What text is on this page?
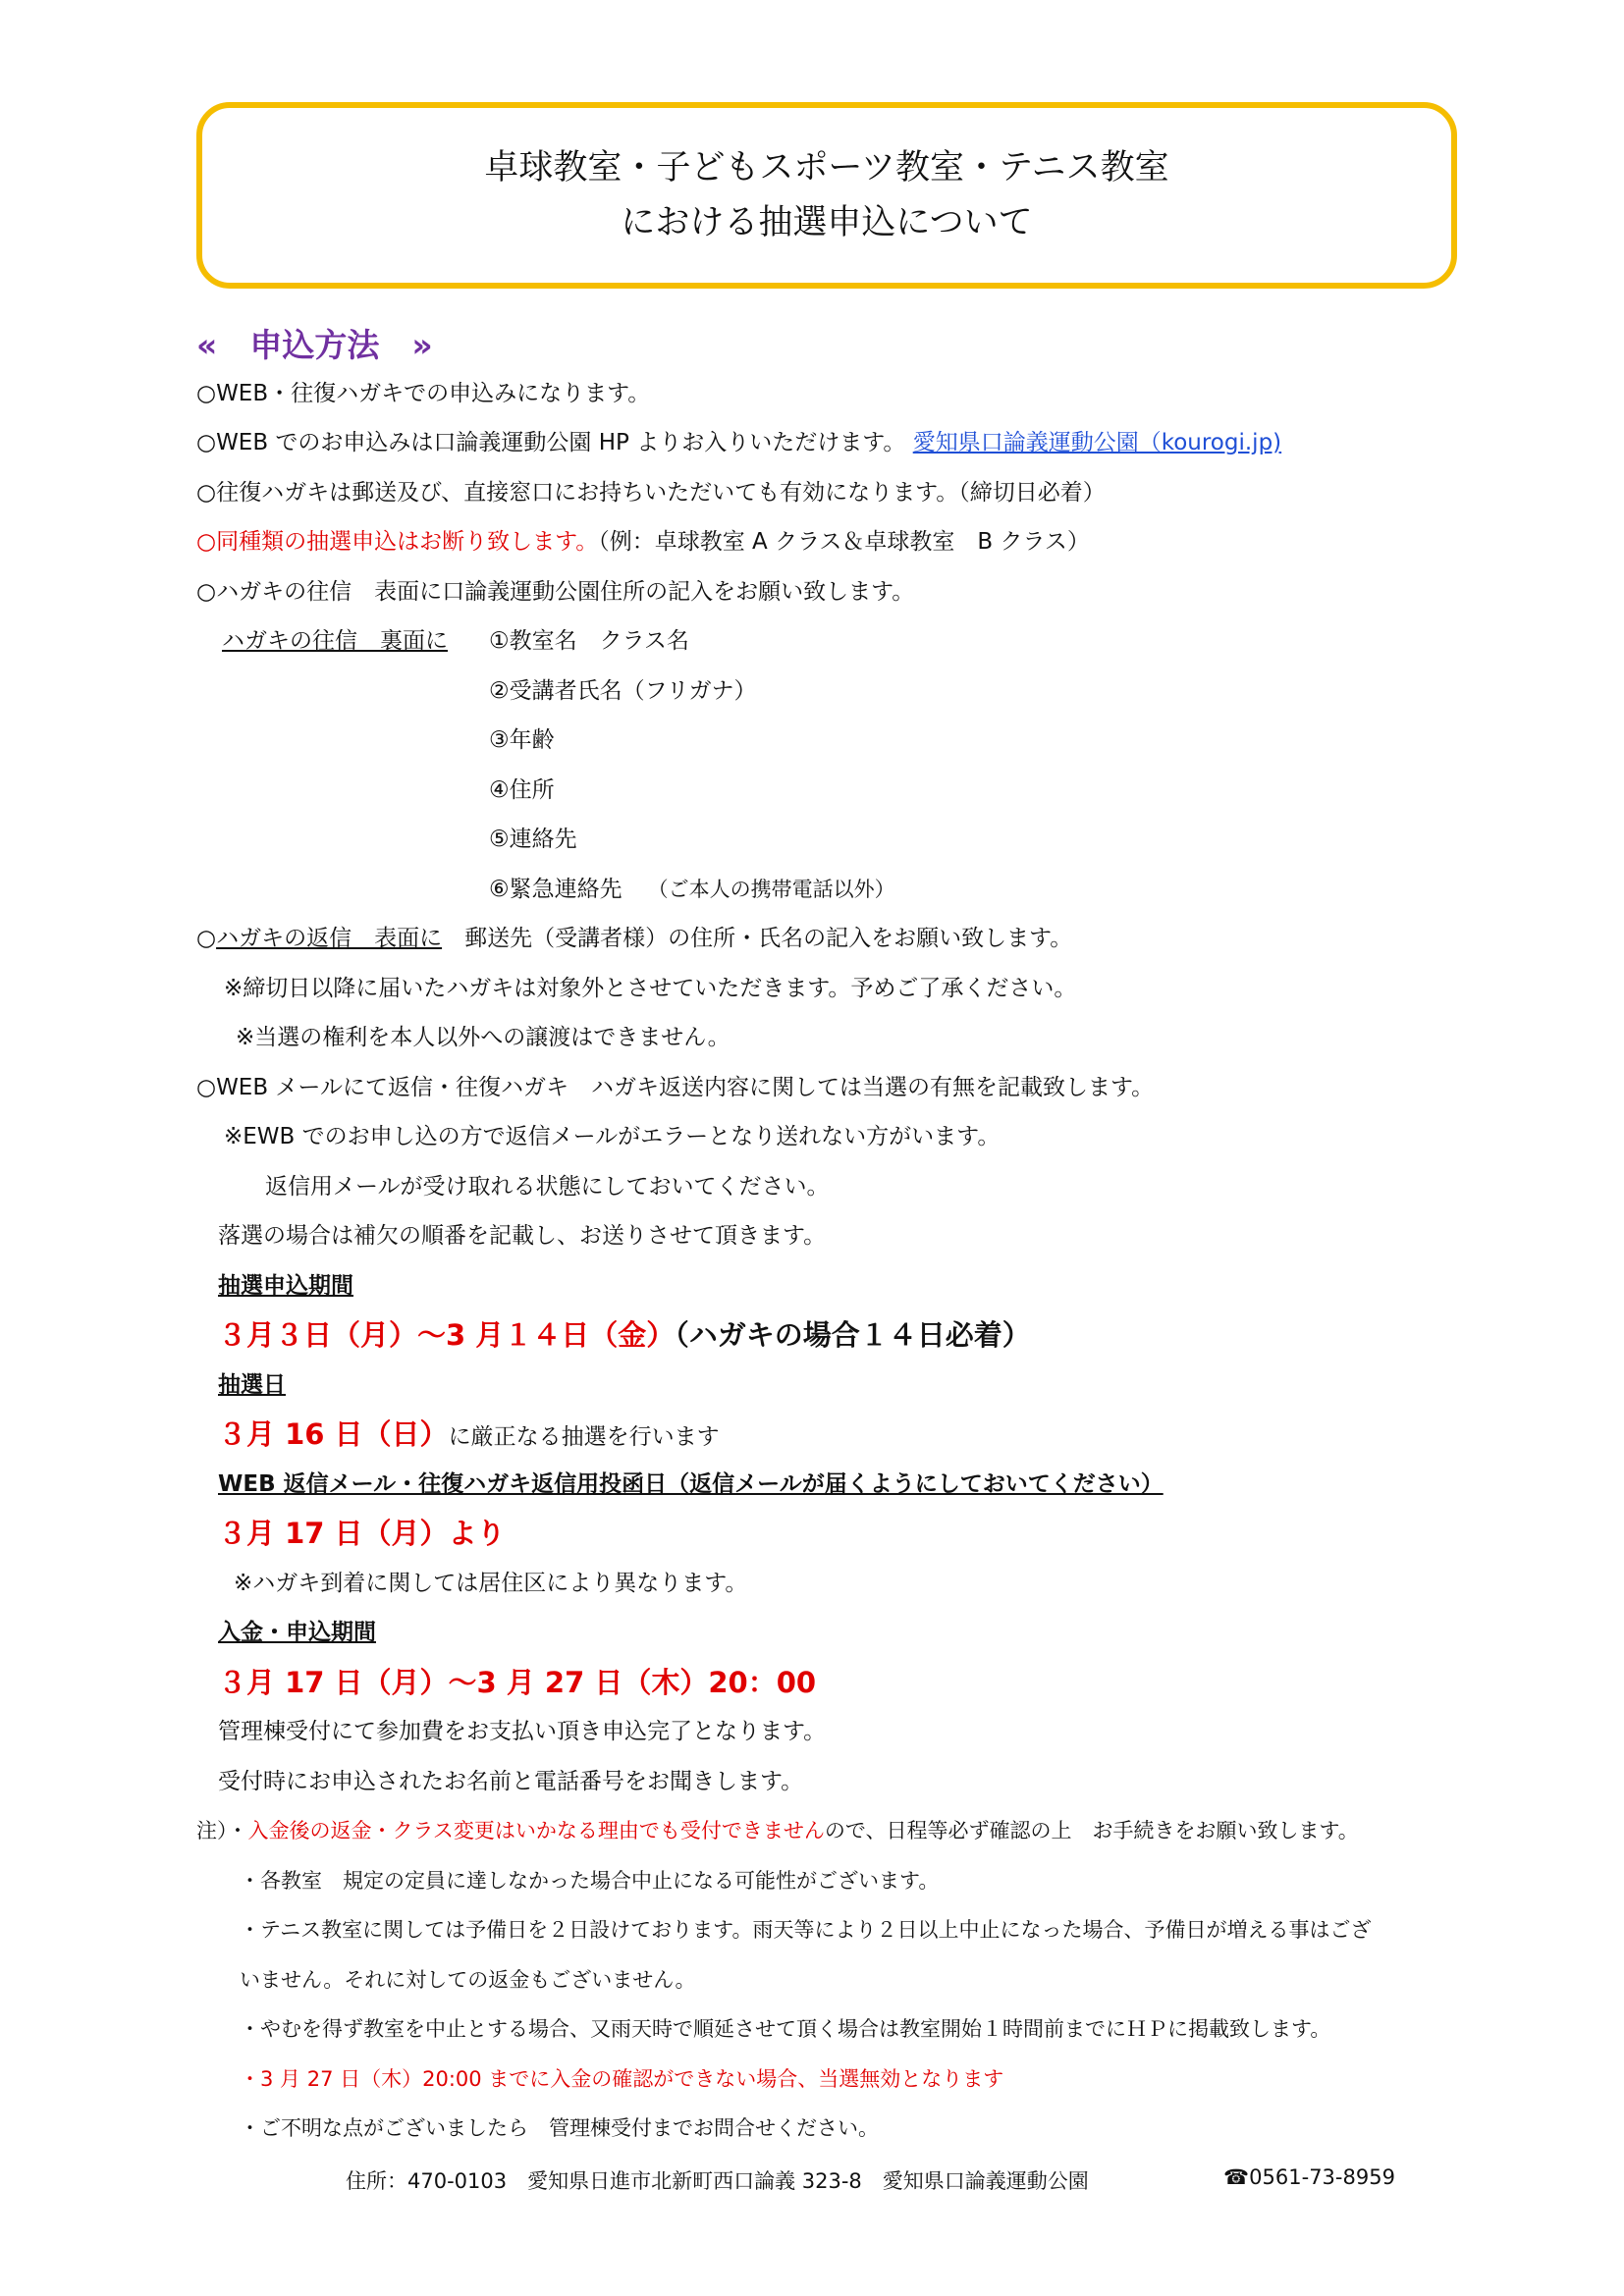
卓球教室・子どもスポーツ教室・テニス教室
における抽選申込について
«　申込方法　»
○WEB・往復ハガキでの申込みになります。
○WEB でのお申込みは口論義運動公園 HP よりお入りいただけます。 愛知県口論義運動公園（kourogi.jp)
○往復ハガキは郵送及び、直接窓口にお持ちいただいても有効になります。（締切日必着）
○同種類の抽選申込はお断り致します。（例：卓球教室 A クラス＆卓球教室　B クラス）
○ハガキの往信　表面に口論義運動公園住所の記入をお願い致します。
ハガキの往信　裏面に ①教室名　クラス名
②受講者氏名（フリガナ）
③年齢
④住所
⑤連絡先
⑥緊急連絡先 （ご本人の携帯電話以外）
○ハガキの返信　表面に　郵送先（受講者様）の住所・氏名の記入をお願い致します。
※締切日以降に届いたハガキは対象外とさせていただきます。予めご了承ください。
※当選の権利を本人以外への譲渡はできません。
○WEB メールにて返信・往復ハガキ　ハガキ返送内容に関しては当選の有無を記載致します。
※EWB でのお申し込の方で返信メールがエラーとなり送れない方がいます。
返信用メールが受け取れる状態にしておいてください。
落選の場合は補欠の順番を記載し、お送りさせて頂きます。
抽選申込期間
３月３日（月）～3 月１４日（金）（ハガキの場合１４日必着）
抽選日
３月 16 日（日）に厳正なる抽選を行います
WEB 返信メール・往復ハガキ返信用投函日（返信メールが届くようにしておいてください）
３月 17 日（月）より
※ハガキ到着に関しては居住区により異なります。
入金・申込期間
３月 17 日（月）～3 月 27 日（木）20：00
管理棟受付にて参加費をお支払い頂き申込完了となります。
受付時にお申込されたお名前と電話番号をお聞きします。
注）・入金後の返金・クラス変更はいかなる理由でも受付できませんので、日程等必ず確認の上　お手続きをお願い致します。
・各教室　規定の定員に達しなかった場合中止になる可能性がございます。
・テニス教室に関しては予備日を２日設けております。雨天等により２日以上中止になった場合、予備日が増える事はござ
いません。それに対しての返金もございません。
・やむを得ず教室を中止とする場合、又雨天時で順延させて頂く場合は教室開始１時間前までにＨＰに掲載致します。
・3 月 27 日（木）20:00 までに入金の確認ができない場合、当選無効となります
・ご不明な点がございましたら　管理棟受付までお問合せください。
住所：470-0103　愛知県日進市北新町西口論義 323-8　愛知県口論義運動公園	☎0561-73-8959
